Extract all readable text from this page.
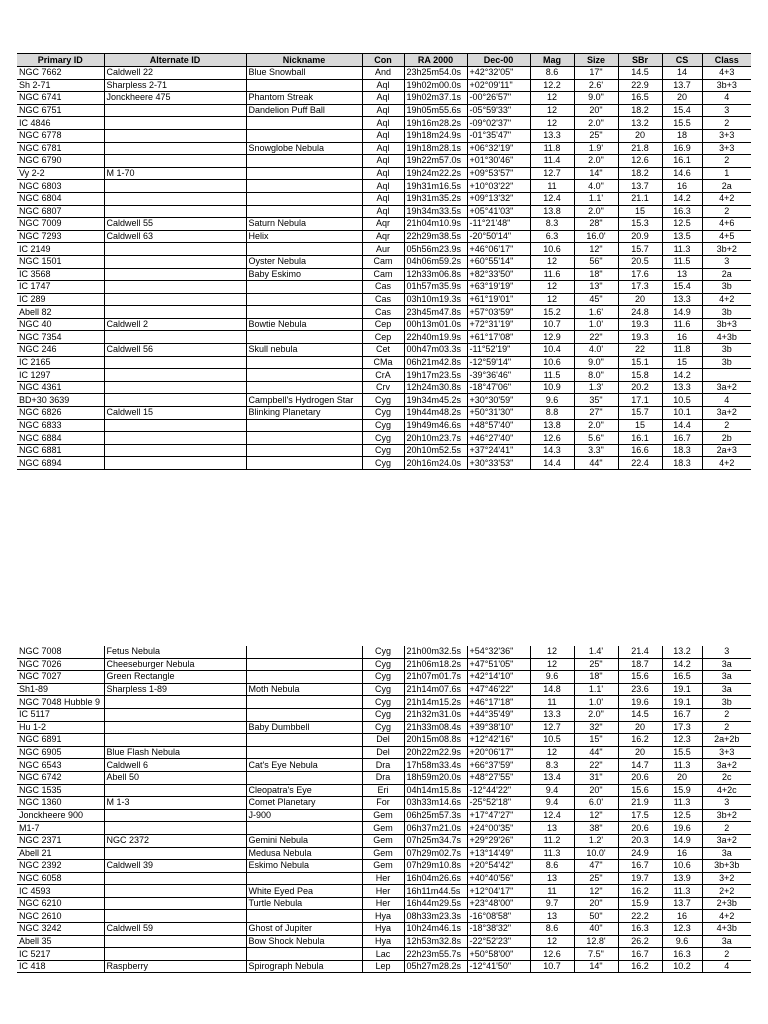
Primary ID	Alternate ID	Nickname	Con	RA 2000	Dec-00	Mag	Size	SBr	CS	Class
NGC 7662	Caldwell 22	Blue Snowball	And	23h25m54.0s	+42°32'05"	8.6	17"	14.5	14	4+3
Sh 2-71	Sharpless 2-71		Aql	19h02m00.0s	+02°09'11"	12.2	2.6'	22.9	13.7	3b+3
NGC 6741	Jonckheere 475	Phantom Streak	Aql	19h02m37.1s	-00°26'57"	12	9.0"	16.5	20	4
NGC 6751		Dandelion Puff Ball	Aql	19h05m55.6s	-05°59'33"	12	20"	18.2	15.4	3
IC 4846			Aql	19h16m28.2s	-09°02'37"	12	2.0"	13.2	15.5	2
NGC 6778			Aql	19h18m24.9s	-01°35'47"	13.3	25"	20	18	3+3
NGC 6781		Snowglobe Nebula	Aql	19h18m28.1s	+06°32'19"	11.8	1.9'	21.8	16.9	3+3
NGC 6790			Aql	19h22m57.0s	+01°30'46"	11.4	2.0"	12.6	16.1	2
Vy 2-2	M 1-70		Aql	19h24m22.2s	+09°53'57"	12.7	14"	18.2	14.6	1
NGC 6803			Aql	19h31m16.5s	+10°03'22"	11	4.0"	13.7	16	2a
NGC 6804			Aql	19h31m35.2s	+09°13'32"	12.4	1.1'	21.1	14.2	4+2
NGC 6807			Aql	19h34m33.5s	+05°41'03"	13.8	2.0"	15	16.3	2
NGC 7009	Caldwell 55	Saturn Nebula	Aqr	21h04m10.9s	-11°21'48"	8.3	28"	15.3	12.5	4+6
NGC 7293	Caldwell 63	Helix	Aqr	22h29m38.5s	-20°50'14"	6.3	16.0'	20.9	13.5	4+5
IC 2149			Aur	05h56m23.9s	+46°06'17"	10.6	12"	15.7	11.3	3b+2
NGC 1501		Oyster Nebula	Cam	04h06m59.2s	+60°55'14"	12	56"	20.5	11.5	3
IC 3568		Baby Eskimo	Cam	12h33m06.8s	+82°33'50"	11.6	18"	17.6	13	2a
IC 1747			Cas	01h57m35.9s	+63°19'19"	12	13"	17.3	15.4	3b
IC 289			Cas	03h10m19.3s	+61°19'01"	12	45"	20	13.3	4+2
Abell 82			Cas	23h45m47.8s	+57°03'59"	15.2	1.6'	24.8	14.9	3b
NGC 40	Caldwell 2	Bowtie Nebula	Cep	00h13m01.0s	+72°31'19"	10.7	1.0'	19.3	11.6	3b+3
NGC 7354			Cep	22h40m19.9s	+61°17'08"	12.9	22"	19.3	16	4+3b
NGC 246	Caldwell 56	Skull nebula	Cet	00h47m03.3s	-11°52'19"	10.4	4.0'	22	11.8	3b
IC 2165			CMa	06h21m42.8s	-12°59'14"	10.6	9.0"	15.1	15	3b
IC 1297			CrA	19h17m23.5s	-39°36'46"	11.5	8.0"	15.8	14.2	
NGC 4361			Crv	12h24m30.8s	-18°47'06"	10.9	1.3'	20.2	13.3	3a+2
BD+30 3639		Campbell's Hydrogen Star	Cyg	19h34m45.2s	+30°30'59"	9.6	35"	17.1	10.5	4
NGC 6826	Caldwell 15	Blinking Planetary	Cyg	19h44m48.2s	+50°31'30"	8.8	27"	15.7	10.1	3a+2
NGC 6833			Cyg	19h49m46.6s	+48°57'40"	13.8	2.0"	15	14.4	2
NGC 6884			Cyg	20h10m23.7s	+46°27'40"	12.6	5.6"	16.1	16.7	2b
NGC 6881			Cyg	20h10m52.5s	+37°24'41"	14.3	3.3"	16.6	18.3	2a+3
NGC 6894			Cyg	20h16m24.0s	+30°33'53"	14.4	44"	22.4	18.3	4+2
NGC 7008	Fetus Nebula		Cyg	21h00m32.5s	+54°32'36"	12	1.4'	21.4	13.2	3
NGC 7026	Cheeseburger Nebula		Cyg	21h06m18.2s	+47°51'05"	12	25"	18.7	14.2	3a
NGC 7027	Green Rectangle		Cyg	21h07m01.7s	+42°14'10"	9.6	18"	15.6	16.5	3a
Sh1-89	Sharpless 1-89	Moth Nebula	Cyg	21h14m07.6s	+47°46'22"	14.8	1.1'	23.6	19.1	3a
NGC 7048 Hubble 9			Cyg	21h14m15.2s	+46°17'18"	11	1.0'	19.6	19.1	3b
IC 5117			Cyg	21h32m31.0s	+44°35'49"	13.3	2.0"	14.5	16.7	2
Hu 1-2		Baby Dumbbell	Cyg	21h33m08.4s	+39°38'10"	12.7	32"	20	17.3	2
NGC 6891			Del	20h15m08.8s	+12°42'16"	10.5	15"	16.2	12.3	2a+2b
NGC 6905	Blue Flash Nebula		Del	20h22m22.9s	+20°06'17"	12	44"	20	15.5	3+3
NGC 6543	Caldwell 6	Cat's Eye Nebula	Dra	17h58m33.4s	+66°37'59"	8.3	22"	14.7	11.3	3a+2
NGC 6742	Abell 50		Dra	18h59m20.0s	+48°27'55"	13.4	31"	20.6	20	2c
NGC 1535		Cleopatra's Eye	Eri	04h14m15.8s	-12°44'22"	9.4	20"	15.6	15.9	4+2c
NGC 1360	M 1-3	Comet Planetary	For	03h33m14.6s	-25°52'18"	9.4	6.0'	21.9	11.3	3
Jonckheere 900		J-900	Gem	06h25m57.3s	+17°47'27"	12.4	12"	17.5	12.5	3b+2
M1-7			Gem	06h37m21.0s	+24°00'35"	13	38"	20.6	19.6	2
NGC 2371	NGC 2372	Gemini Nebula	Gem	07h25m34.7s	+29°29'26"	11.2	1.2'	20.3	14.9	3a+2
Abell 21		Medusa Nebula	Gem	07h29m02.7s	+13°14'49"	11.3	10.0'	24.9	16	3a
NGC 2392	Caldwell 39	Eskimo Nebula	Gem	07h29m10.8s	+20°54'42"	8.6	47"	16.7	10.6	3b+3b
NGC 6058			Her	16h04m26.6s	+40°40'56"	13	25"	19.7	13.9	3+2
IC 4593		White Eyed Pea	Her	16h11m44.5s	+12°04'17"	11	12"	16.2	11.3	2+2
NGC 6210		Turtle Nebula	Her	16h44m29.5s	+23°48'00"	9.7	20"	15.9	13.7	2+3b
NGC 2610			Hya	08h33m23.3s	-16°08'58"	13	50"	22.2	16	4+2
NGC 3242	Caldwell 59	Ghost of Jupiter	Hya	10h24m46.1s	-18°38'32"	8.6	40"	16.3	12.3	4+3b
Abell 35		Bow Shock Nebula	Hya	12h53m32.8s	-22°52'23"	12	12.8'	26.2	9.6	3a
IC 5217			Lac	22h23m55.7s	+50°58'00"	12.6	7.5"	16.7	16.3	2
IC 418	Raspberry	Spirograph Nebula	Lep	05h27m28.2s	-12°41'50"	10.7	14"	16.2	10.2	4
